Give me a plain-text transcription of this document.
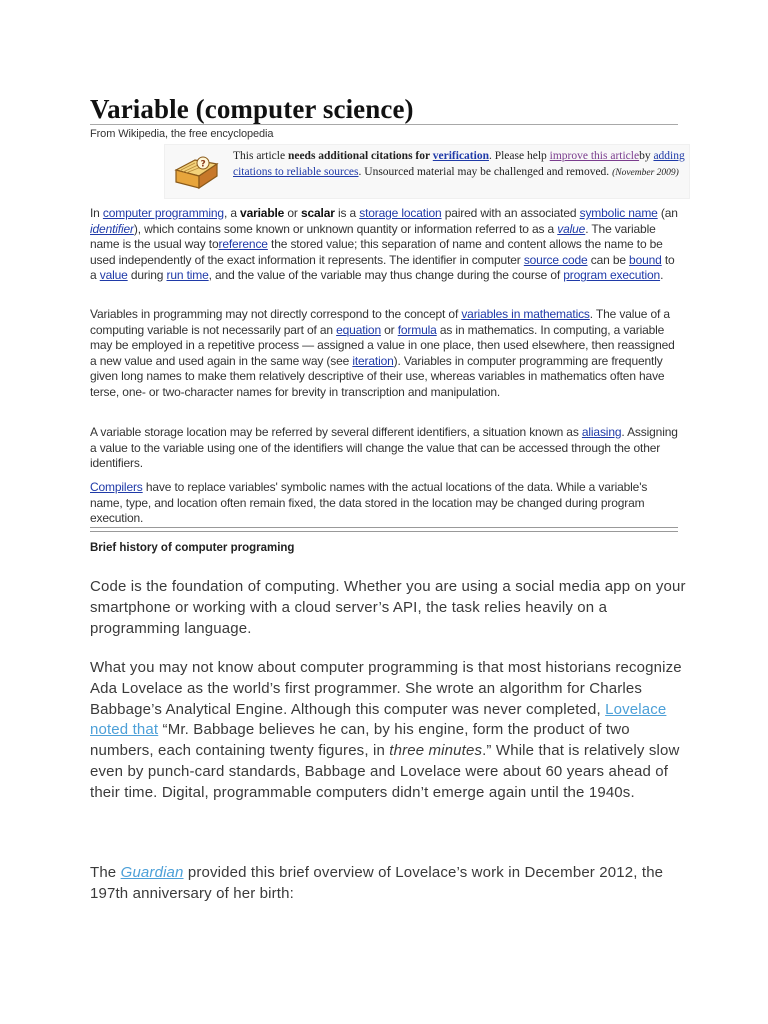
Variable (computer science)
From Wikipedia, the free encyclopedia
?
This article needs additional citations for verification. Please help improve this articleby adding citations to reliable sources. Unsourced material may be challenged and removed. (November 2009)
In computer programming, a variable or scalar is a storage location paired with an associated symbolic name (an identifier), which contains some known or unknown quantity or information referred to as a value. The variable name is the usual way toreference the stored value; this separation of name and content allows the name to be used independently of the exact information it represents. The identifier in computer source code can be bound to a value during run time, and the value of the variable may thus change during the course of program execution.
Variables in programming may not directly correspond to the concept of variables in mathematics. The value of a computing variable is not necessarily part of an equation or formula as in mathematics. In computing, a variable may be employed in a repetitive process — assigned a value in one place, then used elsewhere, then reassigned a new value and used again in the same way (see iteration). Variables in computer programming are frequently given long names to make them relatively descriptive of their use, whereas variables in mathematics often have terse, one- or two-character names for brevity in transcription and manipulation.
A variable storage location may be referred by several different identifiers, a situation known as aliasing. Assigning a value to the variable using one of the identifiers will change the value that can be accessed through the other identifiers.
Compilers have to replace variables' symbolic names with the actual locations of the data. While a variable's name, type, and location often remain fixed, the data stored in the location may be changed during program execution.
Brief history of computer programing
Code is the foundation of computing. Whether you are using a social media app on your smartphone or working with a cloud server’s API, the task relies heavily on a programming language.
What you may not know about computer programming is that most historians recognize Ada Lovelace as the world’s first programmer. She wrote an algorithm for Charles Babbage’s Analytical Engine. Although this computer was never completed, Lovelace noted that “Mr. Babbage believes he can, by his engine, form the product of two numbers, each containing twenty figures, in three minutes.” While that is relatively slow even by punch-card standards, Babbage and Lovelace were about 60 years ahead of their time. Digital, programmable computers didn’t emerge again until the 1940s.
The Guardian provided this brief overview of Lovelace’s work in December 2012, the 197th anniversary of her birth:
